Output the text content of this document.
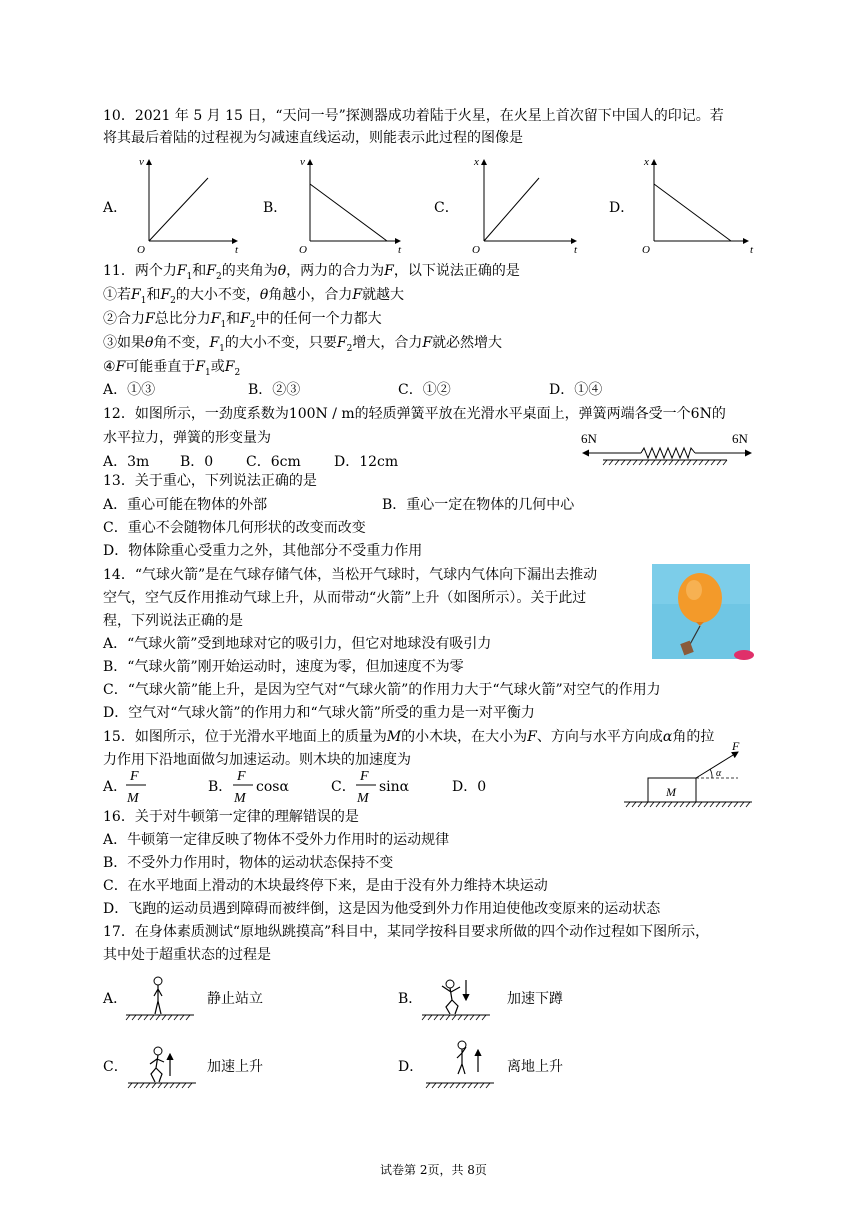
10．2021 年 5 月 15 日，“天问一号”探测器成功着陆于火星，在火星上首次留下中国人的印记。若
将其最后着陆的过程视为匀减速直线运动，则能表示此过程的图像是
A．	B．	C．	D．
v
t
O
v
t
O
x
t
O
x
t
O
11．两个力$F_1$和$F_2$的夹角为θ，两力的合力为F，以下说法正确的是
①若$F_1$和$F_2$的大小不变，θ角越小，合力F就越大
②合力F总比分力$F_1$和$F_2$中的任何一个力都大
③如果θ角不变，$F_1$的大小不变，只要$F_2$增大，合力F就必然增大
④F可能垂直于$F_1$或$F_2$
A．①③	B．②③	C．①②	D．①④
12．如图所示，一劲度系数为100N / m的轻质弹簧平放在光滑水平桌面上，弹簧两端各受一个6N的
水平拉力，弹簧的形变量为
A．3m B．0 C．6cm D．12cm
6N	6N
13．关于重心，下列说法正确的是
A．重心可能在物体的外部	B．重心一定在物体的几何中心
C．重心不会随物体几何形状的改变而改变
D．物体除重心受重力之外，其他部分不受重力作用
14．“气球火箭”是在气球存储气体，当松开气球时，气球内气体向下漏出去推动
空气，空气反作用推动气球上升，从而带动“火箭”上升（如图所示）。关于此过
程，下列说法正确的是
A．“气球火箭”受到地球对它的吸引力，但它对地球没有吸引力
B．“气球火箭”刚开始运动时，速度为零，但加速度不为零
C．“气球火箭”能上升，是因为空气对“气球火箭”的作用力大于“气球火箭”对空气的作用力
D．空气对“气球火箭”的作用力和“气球火箭”所受的重力是一对平衡力
15．如图所示，位于光滑水平地面上的质量为M的小木块，在大小为F、方向与水平方向成α角的拉
力作用下沿地面做匀加速运动。则木块的加速度为
A．
F
M
B．
F
M
cosα	C．
F
M
sinα	D．0	M
α
F
16．关于对牛顿第一定律的理解错误的是
A．牛顿第一定律反映了物体不受外力作用时的运动规律
B．不受外力作用时，物体的运动状态保持不变
C．在水平地面上滑动的木块最终停下来，是由于没有外力维持木块运动
D．飞跑的运动员遇到障碍而被绊倒，这是因为他受到外力作用迫使他改变原来的运动状态
17．在身体素质测试“原地纵跳摸高”科目中，某同学按科目要求所做的四个动作过程如下图所示，
其中处于超重状态的过程是
A．	静止站立	B．	加速下蹲
C．	加速上升	D．	离地上升
试卷第 2页，共 8页
